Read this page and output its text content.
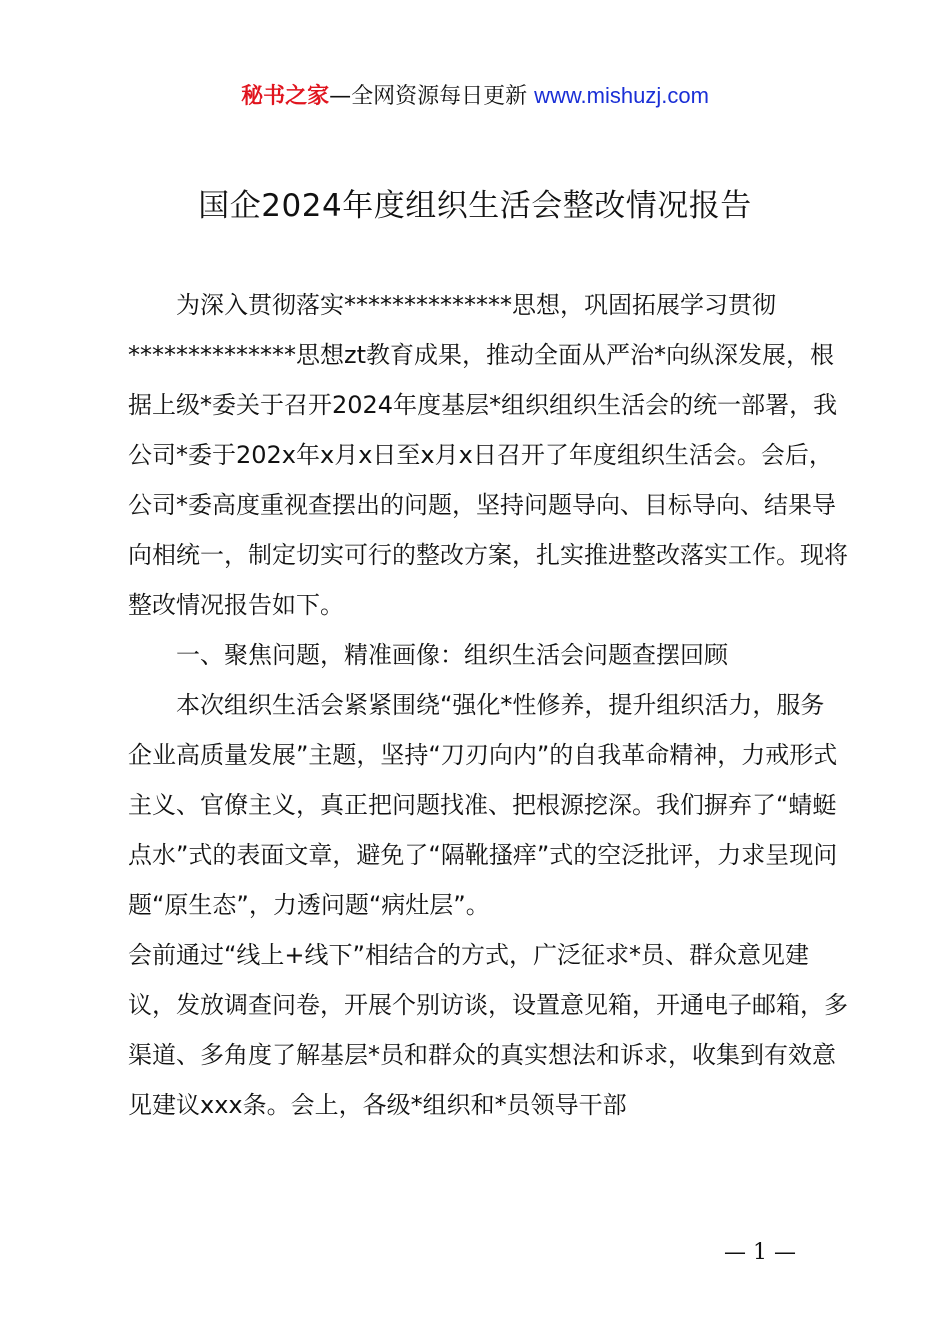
秘书之家—全网资源每日更新 www.mishuzj.com
国企2024年度组织生活会整改情况报告

为深入贯彻落实**************思想，巩固拓展学习贯彻**************思想zt教育成果，推动全面从严治*向纵深发展，根据上级*委关于召开2024年度基层*组织组织生活会的统一部署，我公司*委于202x年x月x日至x月x日召开了年度组织生活会。会后，公司*委高度重视查摆出的问题，坚持问题导向、目标导向、结果导向相统一，制定切实可行的整改方案，扎实推进整改落实工作。现将整改情况报告如下。

一、聚焦问题，精准画像：组织生活会问题查摆回顾

本次组织生活会紧紧围绕“强化*性修养，提升组织活力，服务企业高质量发展”主题，坚持“刀刃向内”的自我革命精神，力戒形式主义、官僚主义，真正把问题找准、把根源挖深。我们摒弃了“蜻蜓点水”式的表面文章，避免了“隔靴搔痒”式的空泛批评，力求呈现问题“原生态”，力透问题“病灶层”。

会前通过“线上+线下”相结合的方式，广泛征求*员、群众意见建议，发放调查问卷，开展个别访谈，设置意见箱，开通电子邮箱，多渠道、多角度了解基层*员和群众的真实想法和诉求，收集到有效意见建议xxx条。会上，各级*组织和*员领导干部

— 1 —
